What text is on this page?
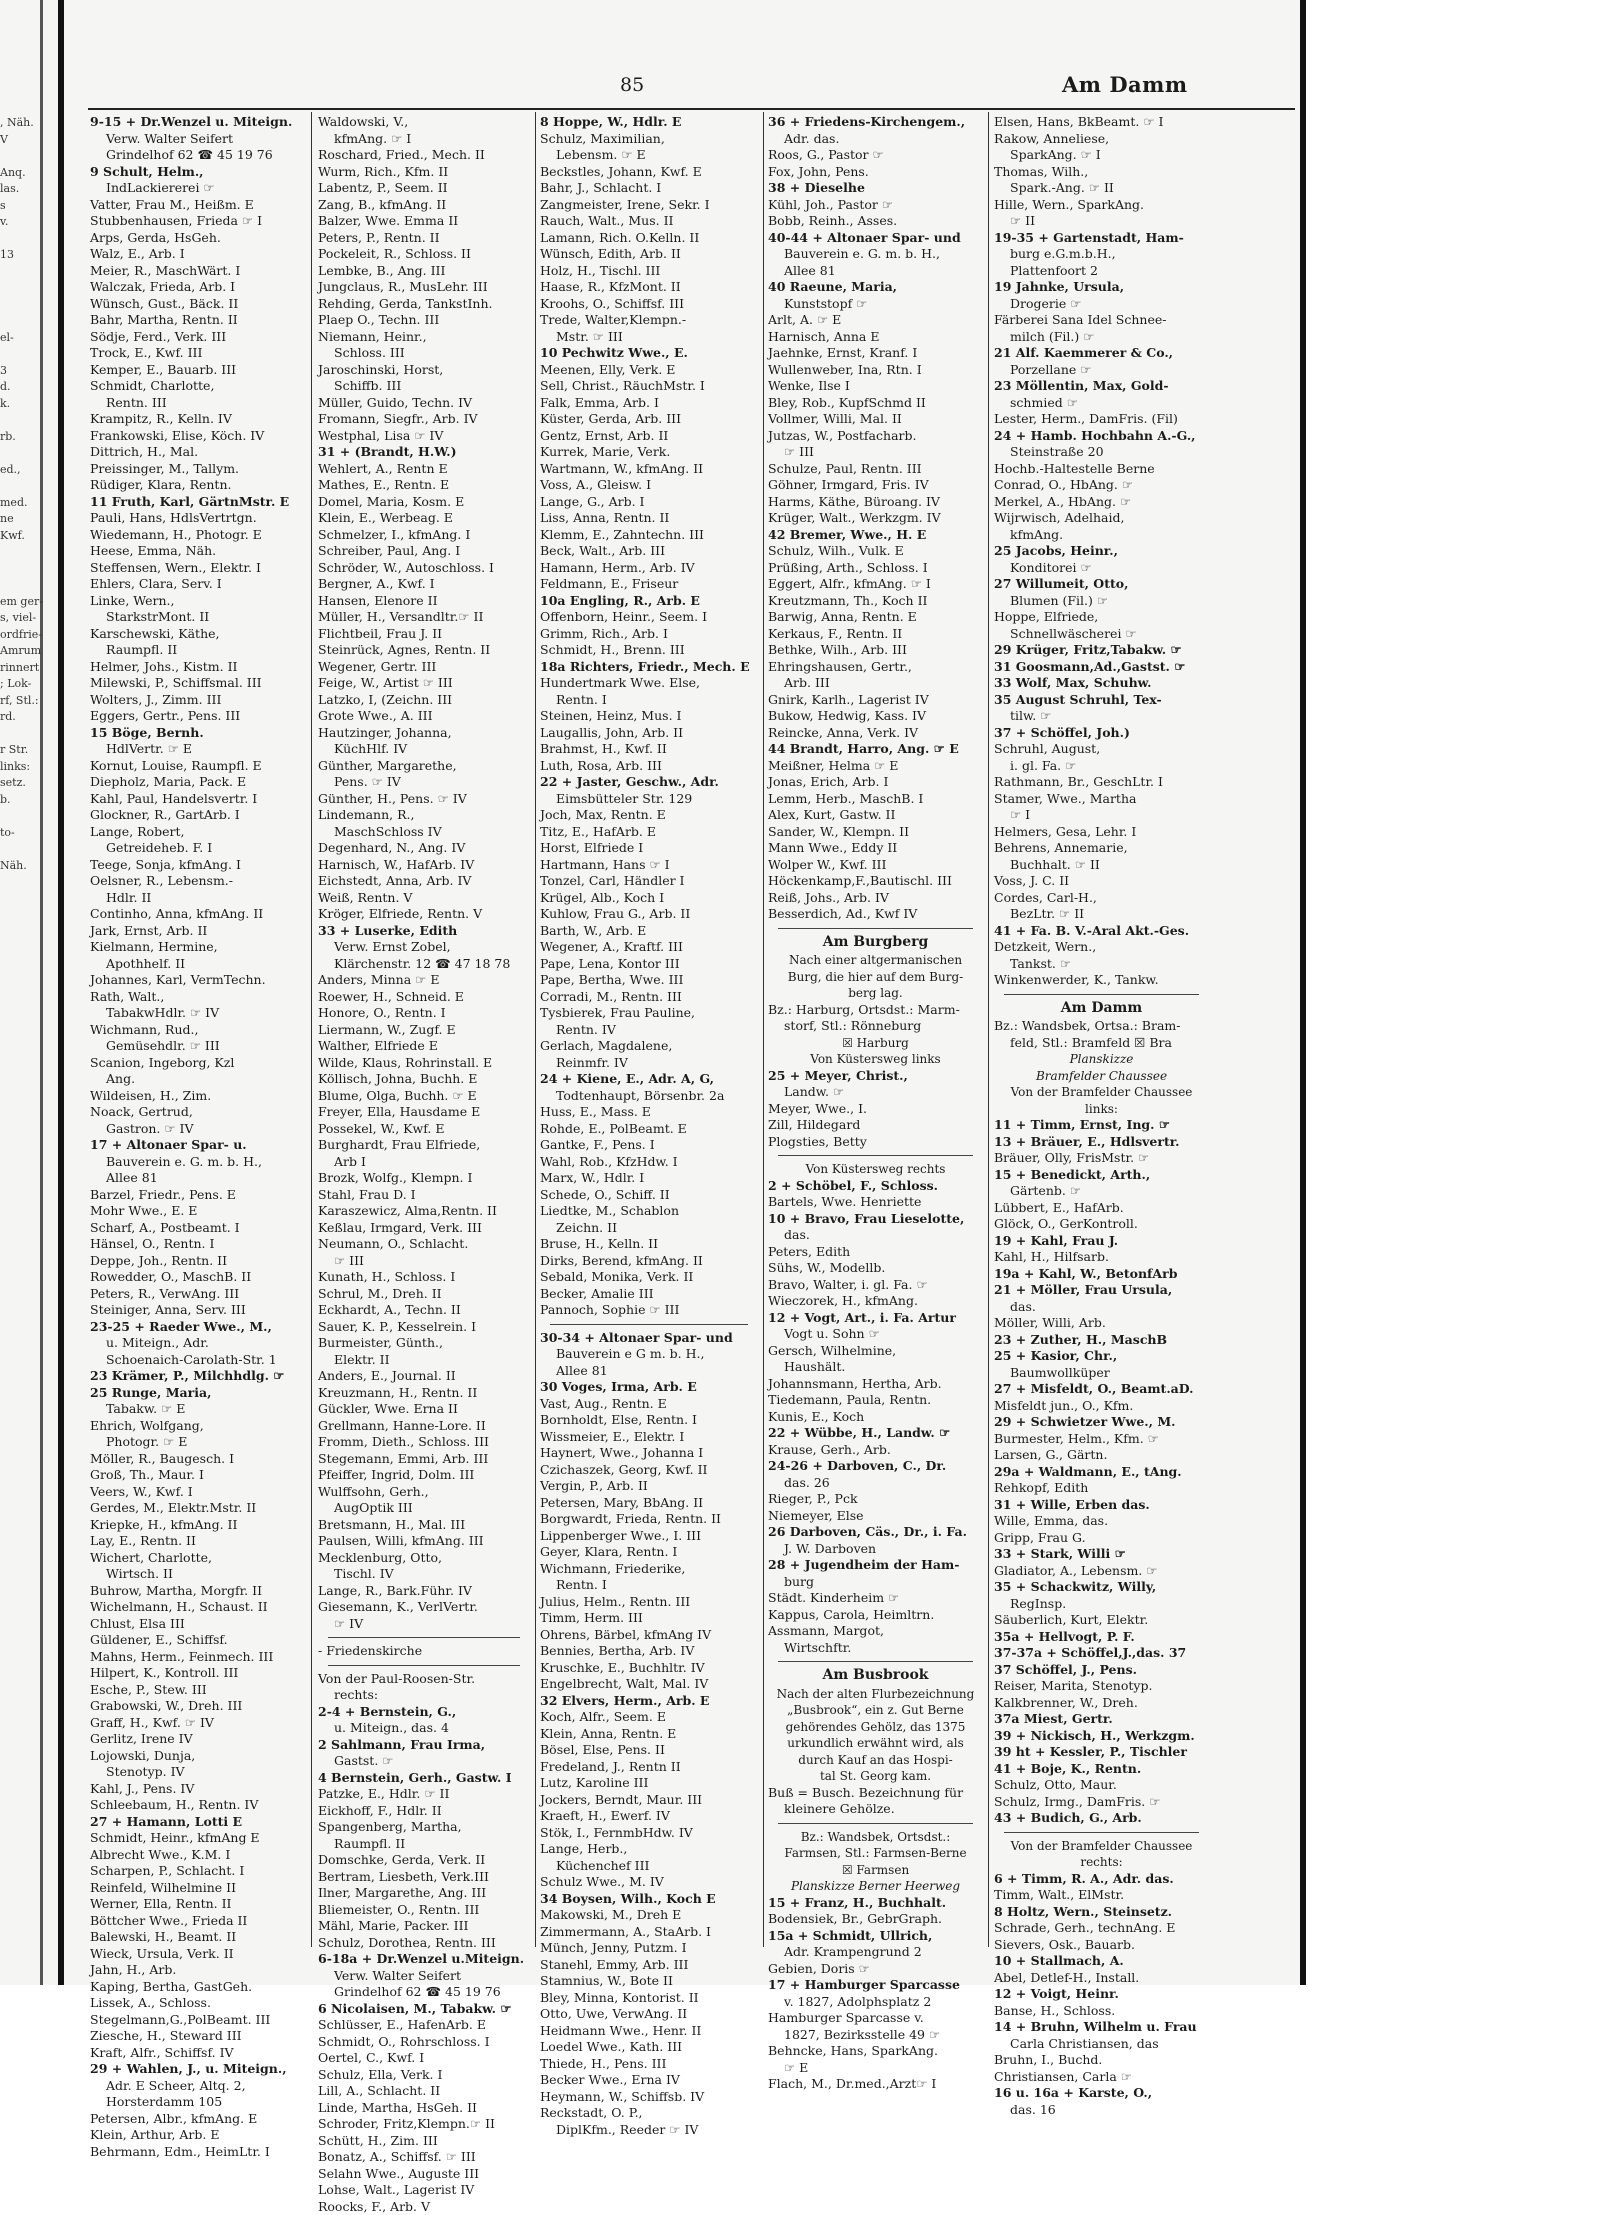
, Näh.
V

Anq.
las.
s
v.

13

el-

3
d.
k.

rb.

ed.,

med.
ne
Kwf.

em ger-
s, viel-
ordfrie-
Amrum
rinnert
; Lok-
rf, Stl.:
rd.

r Str.
links:
setz.
b.

to-

Näh.
85	Am Damm
9-15 + Dr.Wenzel u. Miteign.
Verw. Walter Seifert
Grindelhof 62 ☎ 45 19 76
9 Schult, Helm.,
IndLackiererei ☞
Vatter, Frau M., Heißm. E
Stubbenhausen, Frieda ☞ I
Arps, Gerda, HsGeh.
Walz, E., Arb. I
Meier, R., MaschWärt. I
Walczak, Frieda, Arb. I
Wünsch, Gust., Bäck. II
Bahr, Martha, Rentn. II
Södje, Ferd., Verk. III
Trock, E., Kwf. III
Kemper, E., Bauarb. III
Schmidt, Charlotte,
Rentn. III
Krampitz, R., Kelln. IV
Frankowski, Elise, Köch. IV
Dittrich, H., Mal.
Preissinger, M., Tallym.
Rüdiger, Klara, Rentn.
11 Fruth, Karl, GärtnMstr. E
Pauli, Hans, HdlsVertrtgn.
Wiedemann, H., Photogr. E
Heese, Emma, Näh.
Steffensen, Wern., Elektr. I
Ehlers, Clara, Serv. I
Linke, Wern.,
StarkstrMont. II
Karschewski, Käthe,
Raumpfl. II
Helmer, Johs., Kistm. II
Milewski, P., Schiffsmal. III
Wolters, J., Zimm. III
Eggers, Gertr., Pens. III
15 Böge, Bernh.
HdlVertr. ☞ E
Kornut, Louise, Raumpfl. E
Diepholz, Maria, Pack. E
Kahl, Paul, Handelsvertr. I
Glockner, R., GartArb. I
Lange, Robert,
Getreideheb. F. I
Teege, Sonja, kfmAng. I
Oelsner, R., Lebensm.-
Hdlr. II
Continho, Anna, kfmAng. II
Jark, Ernst, Arb. II
Kielmann, Hermine,
Apothhelf. II
Johannes, Karl, VermTechn.
Rath, Walt.,
TabakwHdlr. ☞ IV
Wichmann, Rud.,
Gemüsehdlr. ☞ III
Scanion, Ingeborg, Kzl
Ang.
Wildeisen, H., Zim.
Noack, Gertrud,
Gastron. ☞ IV
17 + Altonaer Spar- u.
Bauverein e. G. m. b. H.,
Allee 81
Barzel, Friedr., Pens. E
Mohr Wwe., E. E
Scharf, A., Postbeamt. I
Hänsel, O., Rentn. I
Deppe, Joh., Rentn. II
Rowedder, O., MaschB. II
Peters, R., VerwAng. III
Steiniger, Anna, Serv. III
23-25 + Raeder Wwe., M.,
u. Miteign., Adr.
Schoenaich-Carolath-Str. 1
23 Krämer, P., Milchhdlg. ☞
25 Runge, Maria,
Tabakw. ☞ E
Ehrich, Wolfgang,
Photogr. ☞ E
Möller, R., Baugesch. I
Groß, Th., Maur. I
Veers, W., Kwf. I
Gerdes, M., Elektr.Mstr. II
Kriepke, H., kfmAng. II
Lay, E., Rentn. II
Wichert, Charlotte,
Wirtsch. II
Buhrow, Martha, Morgfr. II
Wichelmann, H., Schaust. II
Chlust, Elsa III
Güldener, E., Schiffsf.
Mahns, Herm., Feinmech. III
Hilpert, K., Kontroll. III
Esche, P., Stew. III
Grabowski, W., Dreh. III
Graff, H., Kwf. ☞ IV
Gerlitz, Irene IV
Lojowski, Dunja,
Stenotyp. IV
Kahl, J., Pens. IV
Schleebaum, H., Rentn. IV
27 + Hamann, Lotti E
Schmidt, Heinr., kfmAng E
Albrecht Wwe., K.M. I
Scharpen, P., Schlacht. I
Reinfeld, Wilhelmine II
Werner, Ella, Rentn. II
Böttcher Wwe., Frieda II
Balewski, H., Beamt. II
Wieck, Ursula, Verk. II
Jahn, H., Arb.
Kaping, Bertha, GastGeh.
Lissek, A., Schloss.
Stegelmann,G.,PolBeamt. III
Ziesche, H., Steward III
Kraft, Alfr., Schiffsf. IV
29 + Wahlen, J., u. Miteign.,
Adr. E Scheer, Altq. 2,
Horsterdamm 105
Petersen, Albr., kfmAng. E
Klein, Arthur, Arb. E
Behrmann, Edm., HeimLtr. I
Waldowski, V.,
kfmAng. ☞ I
Roschard, Fried., Mech. II
Wurm, Rich., Kfm. II
Labentz, P., Seem. II
Zang, B., kfmAng. II
Balzer, Wwe. Emma II
Peters, P., Rentn. II
Pockeleit, R., Schloss. II
Lembke, B., Ang. III
Jungclaus, R., MusLehr. III
Rehding, Gerda, TankstInh.
Plaep O., Techn. III
Niemann, Heinr.,
Schloss. III
Jaroschinski, Horst,
Schiffb. III
Müller, Guido, Techn. IV
Fromann, Siegfr., Arb. IV
Westphal, Lisa ☞ IV
31 + (Brandt, H.W.)
Wehlert, A., Rentn E
Mathes, E., Rentn. E
Domel, Maria, Kosm. E
Klein, E., Werbeag. E
Schmelzer, I., kfmAng. I
Schreiber, Paul, Ang. I
Schröder, W., Autoschloss. I
Bergner, A., Kwf. I
Hansen, Elenore II
Müller, H., Versandltr.☞ II
Flichtbeil, Frau J. II
Steinrück, Agnes, Rentn. II
Wegener, Gertr. III
Feige, W., Artist ☞ III
Latzko, I, (Zeichn. III
Grote Wwe., A. III
Hautzinger, Johanna,
KüchHlf. IV
Günther, Margarethe,
Pens. ☞ IV
Günther, H., Pens. ☞ IV
Lindemann, R.,
MaschSchloss IV
Degenhard, N., Ang. IV
Harnisch, W., HafArb. IV
Eichstedt, Anna, Arb. IV
Weiß, Rentn. V
Kröger, Elfriede, Rentn. V
33 + Luserke, Edith
Verw. Ernst Zobel,
Klärchenstr. 12 ☎ 47 18 78
Anders, Minna ☞ E
Roewer, H., Schneid. E
Honore, O., Rentn. I
Liermann, W., Zugf. E
Walther, Elfriede E
Wilde, Klaus, Rohrinstall. E
Köllisch, Johna, Buchh. E
Blume, Olga, Buchh. ☞ E
Freyer, Ella, Hausdame E
Possekel, W., Kwf. E
Burghardt, Frau Elfriede,
Arb I
Brozk, Wolfg., Klempn. I
Stahl, Frau D. I
Karaszewicz, Alma,Rentn. II
Keßlau, Irmgard, Verk. III
Neumann, O., Schlacht.
☞ III
Kunath, H., Schloss. I
Schrul, M., Dreh. II
Eckhardt, A., Techn. II
Sauer, K. P., Kesselrein. I
Burmeister, Günth.,
Elektr. II
Anders, E., Journal. II
Kreuzmann, H., Rentn. II
Gückler, Wwe. Erna II
Grellmann, Hanne-Lore. II
Fromm, Dieth., Schloss. III
Stegemann, Emmi, Arb. III
Pfeiffer, Ingrid, Dolm. III
Wulffsohn, Gerh.,
AugOptik III
Bretsmann, H., Mal. III
Paulsen, Willi, kfmAng. III
Mecklenburg, Otto,
Tischl. IV
Lange, R., Bark.Führ. IV
Giesemann, K., VerlVertr.
☞ IV
- Friedenskirche
Von der Paul-Roosen-Str.
rechts:
2-4 + Bernstein, G.,
u. Miteign., das. 4
2 Sahlmann, Frau Irma,
Gastst. ☞
4 Bernstein, Gerh., Gastw. I
Patzke, E., Hdlr. ☞ II
Eickhoff, F., Hdlr. II
Spangenberg, Martha,
Raumpfl. II
Domschke, Gerda, Verk. II
Bertram, Liesbeth, Verk.III
Ilner, Margarethe, Ang. III
Bliemeister, O., Rentn. III
Mähl, Marie, Packer. III
Schulz, Dorothea, Rentn. III
6-18a + Dr.Wenzel u.Miteign.
Verw. Walter Seifert
Grindelhof 62 ☎ 45 19 76
6 Nicolaisen, M., Tabakw. ☞
Schlüsser, E., HafenArb. E
Schmidt, O., Rohrschloss. I
Oertel, C., Kwf. I
Schulz, Ella, Verk. I
Lill, A., Schlacht. II
Linde, Martha, HsGeh. II
Schroder, Fritz,Klempn.☞ II
Schütt, H., Zim. III
Bonatz, A., Schiffsf. ☞ III
Selahn Wwe., Auguste III
Lohse, Walt., Lagerist IV
Roocks, F., Arb. V
8 Hoppe, W., Hdlr. E
Schulz, Maximilian,
Lebensm. ☞ E
Beckstles, Johann, Kwf. E
Bahr, J., Schlacht. I
Zangmeister, Irene, Sekr. I
Rauch, Walt., Mus. II
Lamann, Rich. O.Kelln. II
Wünsch, Edith, Arb. II
Holz, H., Tischl. III
Haase, R., KfzMont. II
Kroohs, O., Schiffsf. III
Trede, Walter,Klempn.-
Mstr. ☞ III
10 Pechwitz Wwe., E.
Meenen, Elly, Verk. E
Sell, Christ., RäuchMstr. I
Falk, Emma, Arb. I
Küster, Gerda, Arb. III
Gentz, Ernst, Arb. II
Kurrek, Marie, Verk.
Wartmann, W., kfmAng. II
Voss, A., Gleisw. I
Lange, G., Arb. I
Liss, Anna, Rentn. II
Klemm, E., Zahntechn. III
Beck, Walt., Arb. III
Hamann, Herm., Arb. IV
Feldmann, E., Friseur
10a Engling, R., Arb. E
Offenborn, Heinr., Seem. I
Grimm, Rich., Arb. I
Schmidt, H., Brenn. III
18a Richters, Friedr., Mech. E
Hundertmark Wwe. Else,
Rentn. I
Steinen, Heinz, Mus. I
Laugallis, John, Arb. II
Brahmst, H., Kwf. II
Luth, Rosa, Arb. III
22 + Jaster, Geschw., Adr.
Eimsbütteler Str. 129
Joch, Max, Rentn. E
Titz, E., HafArb. E
Horst, Elfriede I
Hartmann, Hans ☞ I
Tonzel, Carl, Händler I
Krügel, Alb., Koch I
Kuhlow, Frau G., Arb. II
Barth, W., Arb. E
Wegener, A., Kraftf. III
Pape, Lena, Kontor III
Pape, Bertha, Wwe. III
Corradi, M., Rentn. III
Tysbierek, Frau Pauline,
Rentn. IV
Gerlach, Magdalene,
Reinmfr. IV
24 + Kiene, E., Adr. A, G,
Todtenhaupt, Börsenbr. 2a
Huss, E., Mass. E
Rohde, E., PolBeamt. E
Gantke, F., Pens. I
Wahl, Rob., KfzHdw. I
Marx, W., Hdlr. I
Schede, O., Schiff. II
Liedtke, M., Schablon
Zeichn. II
Bruse, H., Kelln. II
Dirks, Berend, kfmAng. II
Sebald, Monika, Verk. II
Becker, Amalie III
Pannoch, Sophie ☞ III
30-34 + Altonaer Spar- und
Bauverein e G m. b. H.,
Allee 81
30 Voges, Irma, Arb. E
Vast, Aug., Rentn. E
Bornholdt, Else, Rentn. I
Wissmeier, E., Elektr. I
Haynert, Wwe., Johanna I
Czichaszek, Georg, Kwf. II
Vergin, P., Arb. II
Petersen, Mary, BbAng. II
Borgwardt, Frieda, Rentn. II
Lippenberger Wwe., I. III
Geyer, Klara, Rentn. I
Wichmann, Friederike,
Rentn. I
Julius, Helm., Rentn. III
Timm, Herm. III
Ohrens, Bärbel, kfmAng IV
Bennies, Bertha, Arb. IV
Kruschke, E., Buchhltr. IV
Engelbrecht, Walt, Mal. IV
32 Elvers, Herm., Arb. E
Koch, Alfr., Seem. E
Klein, Anna, Rentn. E
Bösel, Else, Pens. II
Fredeland, J., Rentn II
Lutz, Karoline III
Jockers, Berndt, Maur. III
Kraeft, H., Ewerf. IV
Stök, I., FernmbHdw. IV
Lange, Herb.,
Küchenchef III
Schulz Wwe., M. IV
34 Boysen, Wilh., Koch E
Makowski, M., Dreh E
Zimmermann, A., StaArb. I
Münch, Jenny, Putzm. I
Stanehl, Emmy, Arb. III
Stamnius, W., Bote II
Bley, Minna, Kontorist. II
Otto, Uwe, VerwAng. II
Heidmann Wwe., Henr. II
Loedel Wwe., Kath. III
Thiede, H., Pens. III
Becker Wwe., Erna IV
Heymann, W., Schiffsb. IV
Reckstadt, O. P.,
DiplKfm., Reeder ☞ IV
36 + Friedens-Kirchengem.,
Adr. das.
Roos, G., Pastor ☞
Fox, John, Pens.
38 + Dieselhe
Kühl, Joh., Pastor ☞
Bobb, Reinh., Asses.
40-44 + Altonaer Spar- und
Bauverein e. G. m. b. H.,
Allee 81
40 Raeune, Maria,
Kunststopf ☞
Arlt, A. ☞ E
Harnisch, Anna E
Jaehnke, Ernst, Kranf. I
Wullenweber, Ina, Rtn. I
Wenke, Ilse I
Bley, Rob., KupfSchmd II
Vollmer, Willi, Mal. II
Jutzas, W., Postfacharb.
☞ III
Schulze, Paul, Rentn. III
Göhner, Irmgard, Fris. IV
Harms, Käthe, Büroang. IV
Krüger, Walt., Werkzgm. IV
42 Bremer, Wwe., H. E
Schulz, Wilh., Vulk. E
Prüßing, Arth., Schloss. I
Eggert, Alfr., kfmAng. ☞ I
Kreutzmann, Th., Koch II
Barwig, Anna, Rentn. E
Kerkaus, F., Rentn. II
Bethke, Wilh., Arb. III
Ehringshausen, Gertr.,
Arb. III
Gnirk, Karlh., Lagerist IV
Bukow, Hedwig, Kass. IV
Reincke, Anna, Verk. IV
44 Brandt, Harro, Ang. ☞ E
Meißner, Helma ☞ E
Jonas, Erich, Arb. I
Lemm, Herb., MaschB. I
Alex, Kurt, Gastw. II
Sander, W., Klempn. II
Mann Wwe., Eddy II
Wolper W., Kwf. III
Höckenkamp,F.,Bautischl. III
Reiß, Johs., Arb. IV
Besserdich, Ad., Kwf IV
Am Burgberg
Nach einer altgermanischen
Burg, die hier auf dem Burg-
berg lag.
Bz.: Harburg, Ortsdst.: Marm-
storf, Stl.: Rönneburg
☒ Harburg
Von Küstersweg links
25 + Meyer, Christ.,
Landw. ☞
Meyer, Wwe., I.
Zill, Hildegard
Plogsties, Betty
Von Küstersweg rechts
2 + Schöbel, F., Schloss.
Bartels, Wwe. Henriette
10 + Bravo, Frau Lieselotte,
das.
Peters, Edith
Sühs, W., Modellb.
Bravo, Walter, i. gl. Fa. ☞
Wieczorek, H., kfmAng.
12 + Vogt, Art., i. Fa. Artur
Vogt u. Sohn ☞
Gersch, Wilhelmine,
Haushält.
Johannsmann, Hertha, Arb.
Tiedemann, Paula, Rentn.
Kunis, E., Koch
22 + Wübbe, H., Landw. ☞
Krause, Gerh., Arb.
24-26 + Darboven, C., Dr.
das. 26
Rieger, P., Pck
Niemeyer, Else
26 Darboven, Cäs., Dr., i. Fa.
J. W. Darboven
28 + Jugendheim der Ham-
burg
Städt. Kinderheim ☞
Kappus, Carola, Heimltrn.
Assmann, Margot,
Wirtschftr.
Am Busbrook
Nach der alten Flurbezeichnung
„Busbrook“, ein z. Gut Berne
gehörendes Gehölz, das 1375
urkundlich erwähnt wird, als
durch Kauf an das Hospi-
tal St. Georg kam.
Buß = Busch. Bezeichnung für
kleinere Gehölze.
Bz.: Wandsbek, Ortsdst.:
Farmsen, Stl.: Farmsen-Berne
☒ Farmsen
Planskizze Berner Heerweg
15 + Franz, H., Buchhalt.
Bodensiek, Br., GebrGraph.
15a + Schmidt, Ullrich,
Adr. Krampengrund 2
Gebien, Doris ☞
17 + Hamburger Sparcasse
v. 1827, Adolphsplatz 2
Hamburger Sparcasse v.
1827, Bezirksstelle 49 ☞
Behncke, Hans, SparkAng.
☞ E
Flach, M., Dr.med.,Arzt☞ I
Elsen, Hans, BkBeamt. ☞ I
Rakow, Anneliese,
SparkAng. ☞ I
Thomas, Wilh.,
Spark.-Ang. ☞ II
Hille, Wern., SparkAng.
☞ II
19-35 + Gartenstadt, Ham-
burg e.G.m.b.H.,
Plattenfoort 2
19 Jahnke, Ursula,
Drogerie ☞
Färberei Sana Idel Schnee-
milch (Fil.) ☞
21 Alf. Kaemmerer & Co.,
Porzellane ☞
23 Möllentin, Max, Gold-
schmied ☞
Lester, Herm., DamFris. (Fil)
24 + Hamb. Hochbahn A.-G.,
Steinstraße 20
Hochb.-Haltestelle Berne
Conrad, O., HbAng. ☞
Merkel, A., HbAng. ☞
Wijrwisch, Adelhaid,
kfmAng.
25 Jacobs, Heinr.,
Konditorei ☞
27 Willumeit, Otto,
Blumen (Fil.) ☞
Hoppe, Elfriede,
Schnellwäscherei ☞
29 Krüger, Fritz,Tabakw. ☞
31 Goosmann,Ad.,Gastst. ☞
33 Wolf, Max, Schuhw.
35 August Schruhl, Tex-
tilw. ☞
37 + Schöffel, Joh.)
Schruhl, August,
i. gl. Fa. ☞
Rathmann, Br., GeschLtr. I
Stamer, Wwe., Martha
☞ I
Helmers, Gesa, Lehr. I
Behrens, Annemarie,
Buchhalt. ☞ II
Voss, J. C. II
Cordes, Carl-H.,
BezLtr. ☞ II
41 + Fa. B. V.-Aral Akt.-Ges.
Detzkeit, Wern.,
Tankst. ☞
Winkenwerder, K., Tankw.
Am Damm
Bz.: Wandsbek, Ortsa.: Bram-
feld, Stl.: Bramfeld ☒ Bra
Planskizze
Bramfelder Chaussee
Von der Bramfelder Chaussee
links:
11 + Timm, Ernst, Ing. ☞
13 + Bräuer, E., Hdlsvertr.
Bräuer, Olly, FrisMstr. ☞
15 + Benedickt, Arth.,
Gärtenb. ☞
Lübbert, E., HafArb.
Glöck, O., GerKontroll.
19 + Kahl, Frau J.
Kahl, H., Hilfsarb.
19a + Kahl, W., BetonfArb
21 + Möller, Frau Ursula,
das.
Möller, Willi, Arb.
23 + Zuther, H., MaschB
25 + Kasior, Chr.,
Baumwollküper
27 + Misfeldt, O., Beamt.aD.
Misfeldt jun., O., Kfm.
29 + Schwietzer Wwe., M.
Burmester, Helm., Kfm. ☞
Larsen, G., Gärtn.
29a + Waldmann, E., tAng.
Rehkopf, Edith
31 + Wille, Erben das.
Wille, Emma, das.
Gripp, Frau G.
33 + Stark, Willi ☞
Gladiator, A., Lebensm. ☞
35 + Schackwitz, Willy,
RegInsp.
Säuberlich, Kurt, Elektr.
35a + Hellvogt, P. F.
37-37a + Schöffel,J.,das. 37
37 Schöffel, J., Pens.
Reiser, Marita, Stenotyp.
Kalkbrenner, W., Dreh.
37a Miest, Gertr.
39 + Nickisch, H., Werkzgm.
39 ht + Kessler, P., Tischler
41 + Boje, K., Rentn.
Schulz, Otto, Maur.
Schulz, Irmg., DamFris. ☞
43 + Budich, G., Arb.
Von der Bramfelder Chaussee
rechts:
6 + Timm, R. A., Adr. das.
Timm, Walt., ElMstr.
8 Holtz, Wern., Steinsetz.
Schrade, Gerh., technAng. E
Sievers, Osk., Bauarb.
10 + Stallmach, A.
Abel, Detlef-H., Install.
12 + Voigt, Heinr.
Banse, H., Schloss.
14 + Bruhn, Wilhelm u. Frau
Carla Christiansen, das
Bruhn, I., Buchd.
Christiansen, Carla ☞
16 u. 16a + Karste, O.,
das. 16
